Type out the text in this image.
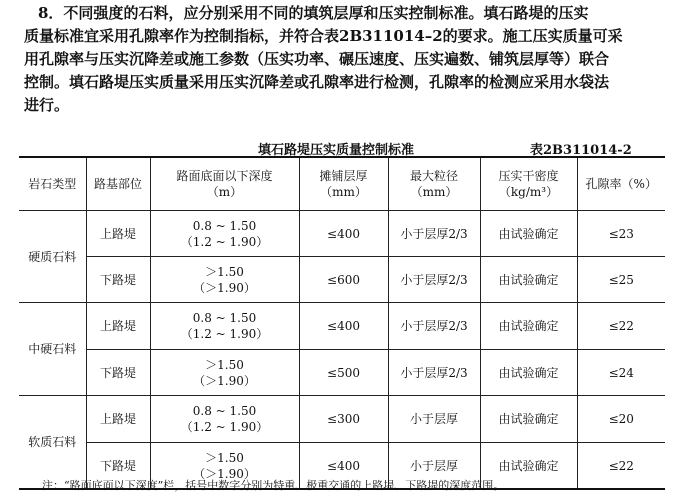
8．不同强度的石料，应分别采用不同的填筑层厚和压实控制标准。填石路堤的压实
质量标准宜采用孔隙率作为控制指标，并符合表2B311014–2的要求。施工压实质量可采
用孔隙率与压实沉降差或施工参数（压实功率、碾压速度、压实遍数、铺筑层厚等）联合
控制。填石路堤压实质量采用压实沉降差或孔隙率进行检测，孔隙率的检测应采用水袋法
进行。
填石路堤压实质量控制标准	表2B311014-2
岩石类型	路基部位	路面底面以下深度
（m）	摊铺层厚
（mm）	最大粒径
（mm）	压实干密度
（kg/m³）	孔隙率（%）
硬质石料	上路堤	0.8 ~ 1.50
（1.2 ~ 1.90）	≤400	小于层厚2/3	由试验确定	≤23
	下路堤	＞1.50
（＞1.90）	≤600	小于层厚2/3	由试验确定	≤25
中硬石料	上路堤	0.8 ~ 1.50
（1.2 ~ 1.90）	≤400	小于层厚2/3	由试验确定	≤22
	下路堤	＞1.50
（＞1.90）	≤500	小于层厚2/3	由试验确定	≤24
软质石料	上路堤	0.8 ~ 1.50
（1.2 ~ 1.90）	≤300	小于层厚	由试验确定	≤20
	下路堤	＞1.50
（＞1.90）	≤400	小于层厚	由试验确定	≤22
注：“路面底面以下深度”栏，括号中数字分别为特重、极重交通的上路堤、下路堤的深度范围。
